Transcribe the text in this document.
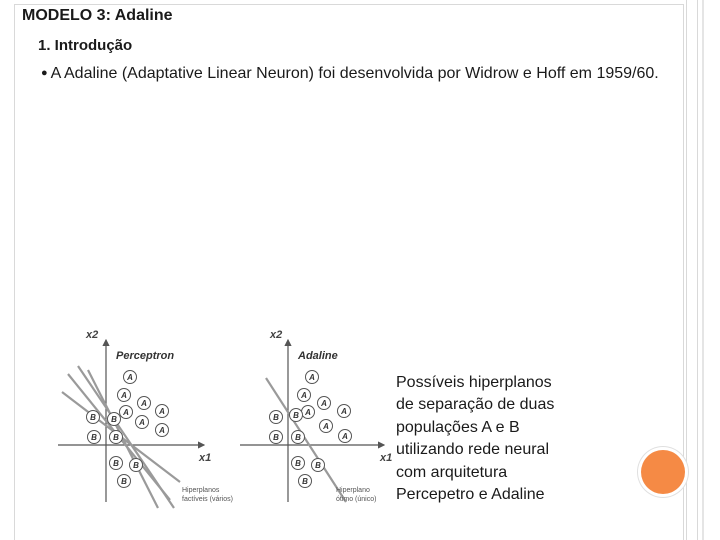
MODELO 3: Adaline
1. Introdução
● A Adaline (Adaptative Linear Neuron) foi desenvolvida por Widrow e Hoff em 1959/60.
x2
x1
Perceptron
A
A
A
A
A
A
A
B
B B
B B
B
B
Hiperplanos
factíveis (vários)
x2
x1
Adaline
A
A
A
A
A
A
A
B B
B B
B B
B
Hiperplano
ótimo (único)
Possíveis hiperplanos
de separação de duas
populações A e B
utilizando rede neural
com arquitetura
Percepetro e Adaline
